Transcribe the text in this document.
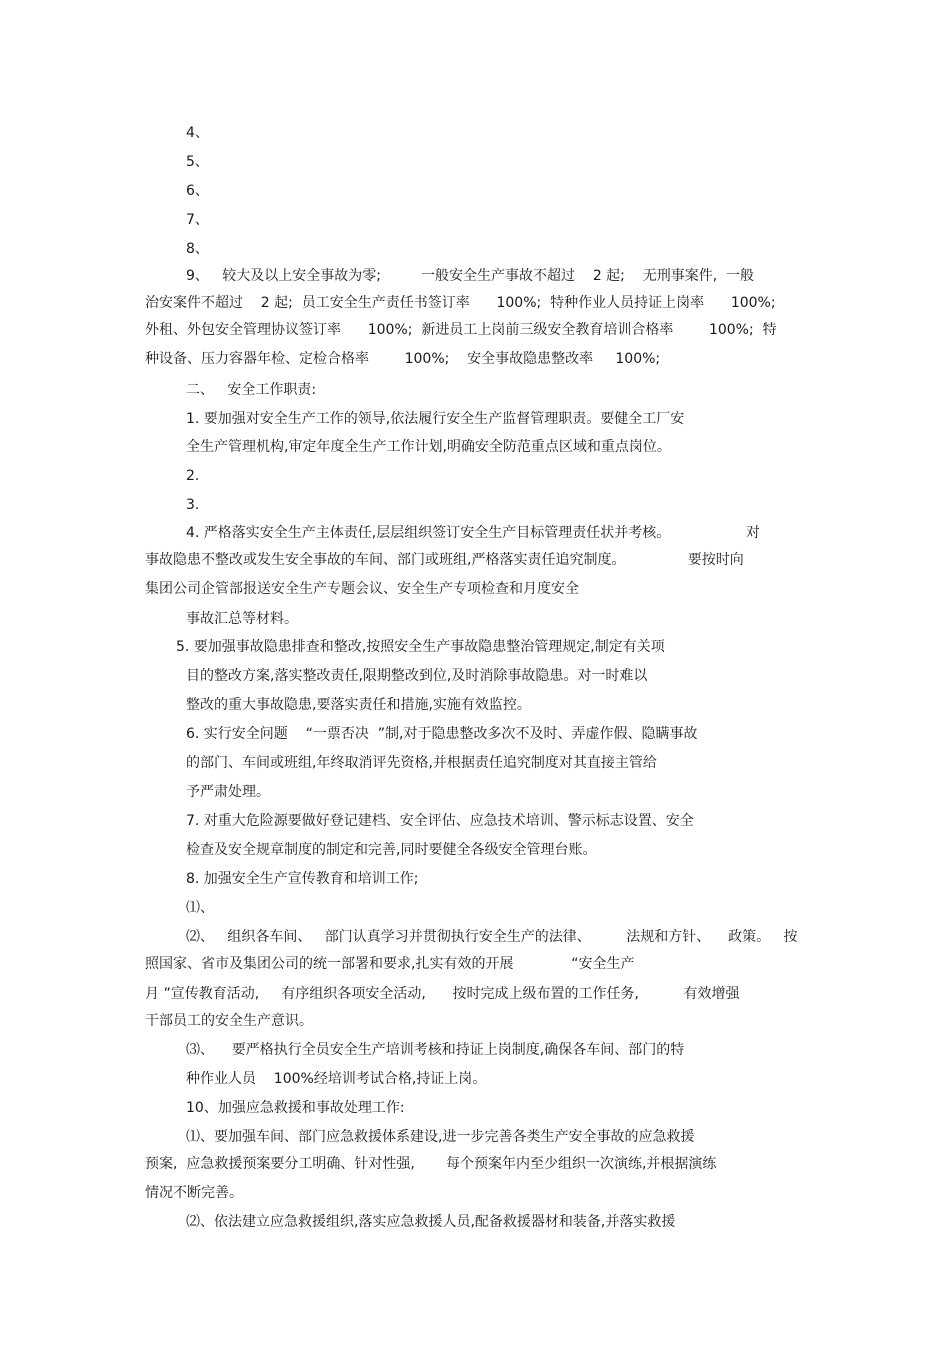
4、
5、
6、
7、
8、
9、   较大及以上安全事故为零;         一般安全生产事故不超过    2 起;    无刑事案件,  一般
治安案件不超过    2 起;  员工安全生产责任书签订率      100%;  特种作业人员持证上岗率      100%;
外租、外包安全管理协议签订率      100%;  新进员工上岗前三级安全教育培训合格率        100%;  特
种设备、压力容器年检、定检合格率        100%;    安全事故隐患整改率     100%;
二、   安全工作职责:
1. 要加强对安全生产工作的领导,依法履行安全生产监督管理职责。要健全工厂安
全生产管理机构,审定年度全生产工作计划,明确安全防范重点区域和重点岗位。
2.
3.
4. 严格落实安全生产主体责任,层层组织签订安全生产目标管理责任状并考核。                 对
事故隐患不整改或发生安全事故的车间、部门或班组,严格落实责任追究制度。              要按时向
集团公司企管部报送安全生产专题会议、安全生产专项检查和月度安全
事故汇总等材料。
5. 要加强事故隐患排查和整改,按照安全生产事故隐患整治管理规定,制定有关项
目的整改方案,落实整改责任,限期整改到位,及时消除事故隐患。对一时难以
整改的重大事故隐患,要落实责任和措施,实施有效监控。
6. 实行安全问题    “一票否决  ”制,对于隐患整改多次不及时、弄虚作假、隐瞒事故
的部门、车间或班组,年终取消评先资格,并根据责任追究制度对其直接主管给
予严肃处理。
7. 对重大危险源要做好登记建档、安全评估、应急技术培训、警示标志设置、安全
检查及安全规章制度的制定和完善,同时要健全各级安全管理台账。
8. 加强安全生产宣传教育和培训工作;
⑴、
⑵、   组织各车间、   部门认真学习并贯彻执行安全生产的法律、        法规和方针、    政策。   按
照国家、省市及集团公司的统一部署和要求,扎实有效的开展             “安全生产
月 ”宣传教育活动,     有序组织各项安全活动,      按时完成上级布置的工作任务,          有效增强
干部员工的安全生产意识。
⑶、    要严格执行全员安全生产培训考核和持证上岗制度,确保各车间、部门的特
种作业人员    100%经培训考试合格,持证上岗。
10、加强应急救援和事故处理工作:
⑴、要加强车间、部门应急救援体系建设,进一步完善各类生产安全事故的应急救援
预案,  应急救援预案要分工明确、针对性强,       每个预案年内至少组织一次演练,并根据演练
情况不断完善。
⑵、依法建立应急救援组织,落实应急救援人员,配备救援器材和装备,并落实救援
